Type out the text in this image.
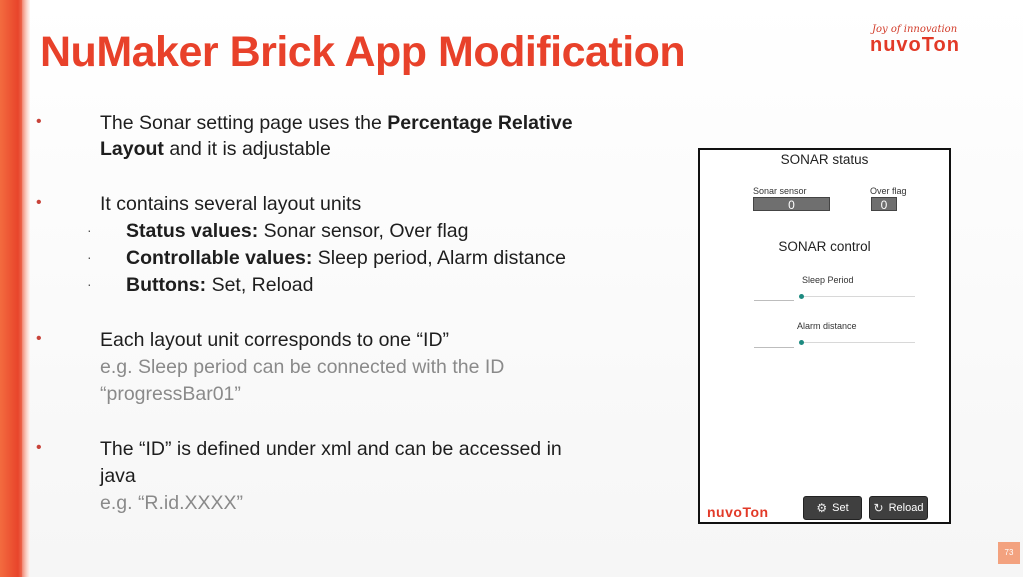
NuMaker Brick App Modification	Joy of innovation
nuvoTon
•	The Sonar setting page uses the Percentage Relative
Layout and it is adjustable
•	It contains several layout units
· Status values: Sonar sensor, Over flag
· Controllable values: Sleep period, Alarm distance
· Buttons: Set, Reload
•	Each layout unit corresponds to one “ID”
e.g. Sleep period can be connected with the ID
“progressBar01”
•	The “ID” is defined under xml and can be accessed in
java
e.g. “R.id.XXXX”
SONAR status
Sonar sensor
0
Over flag
0
SONAR control
Sleep Period
Alarm distance
nuvoTon	⚙ Set ↻ Reload
73
